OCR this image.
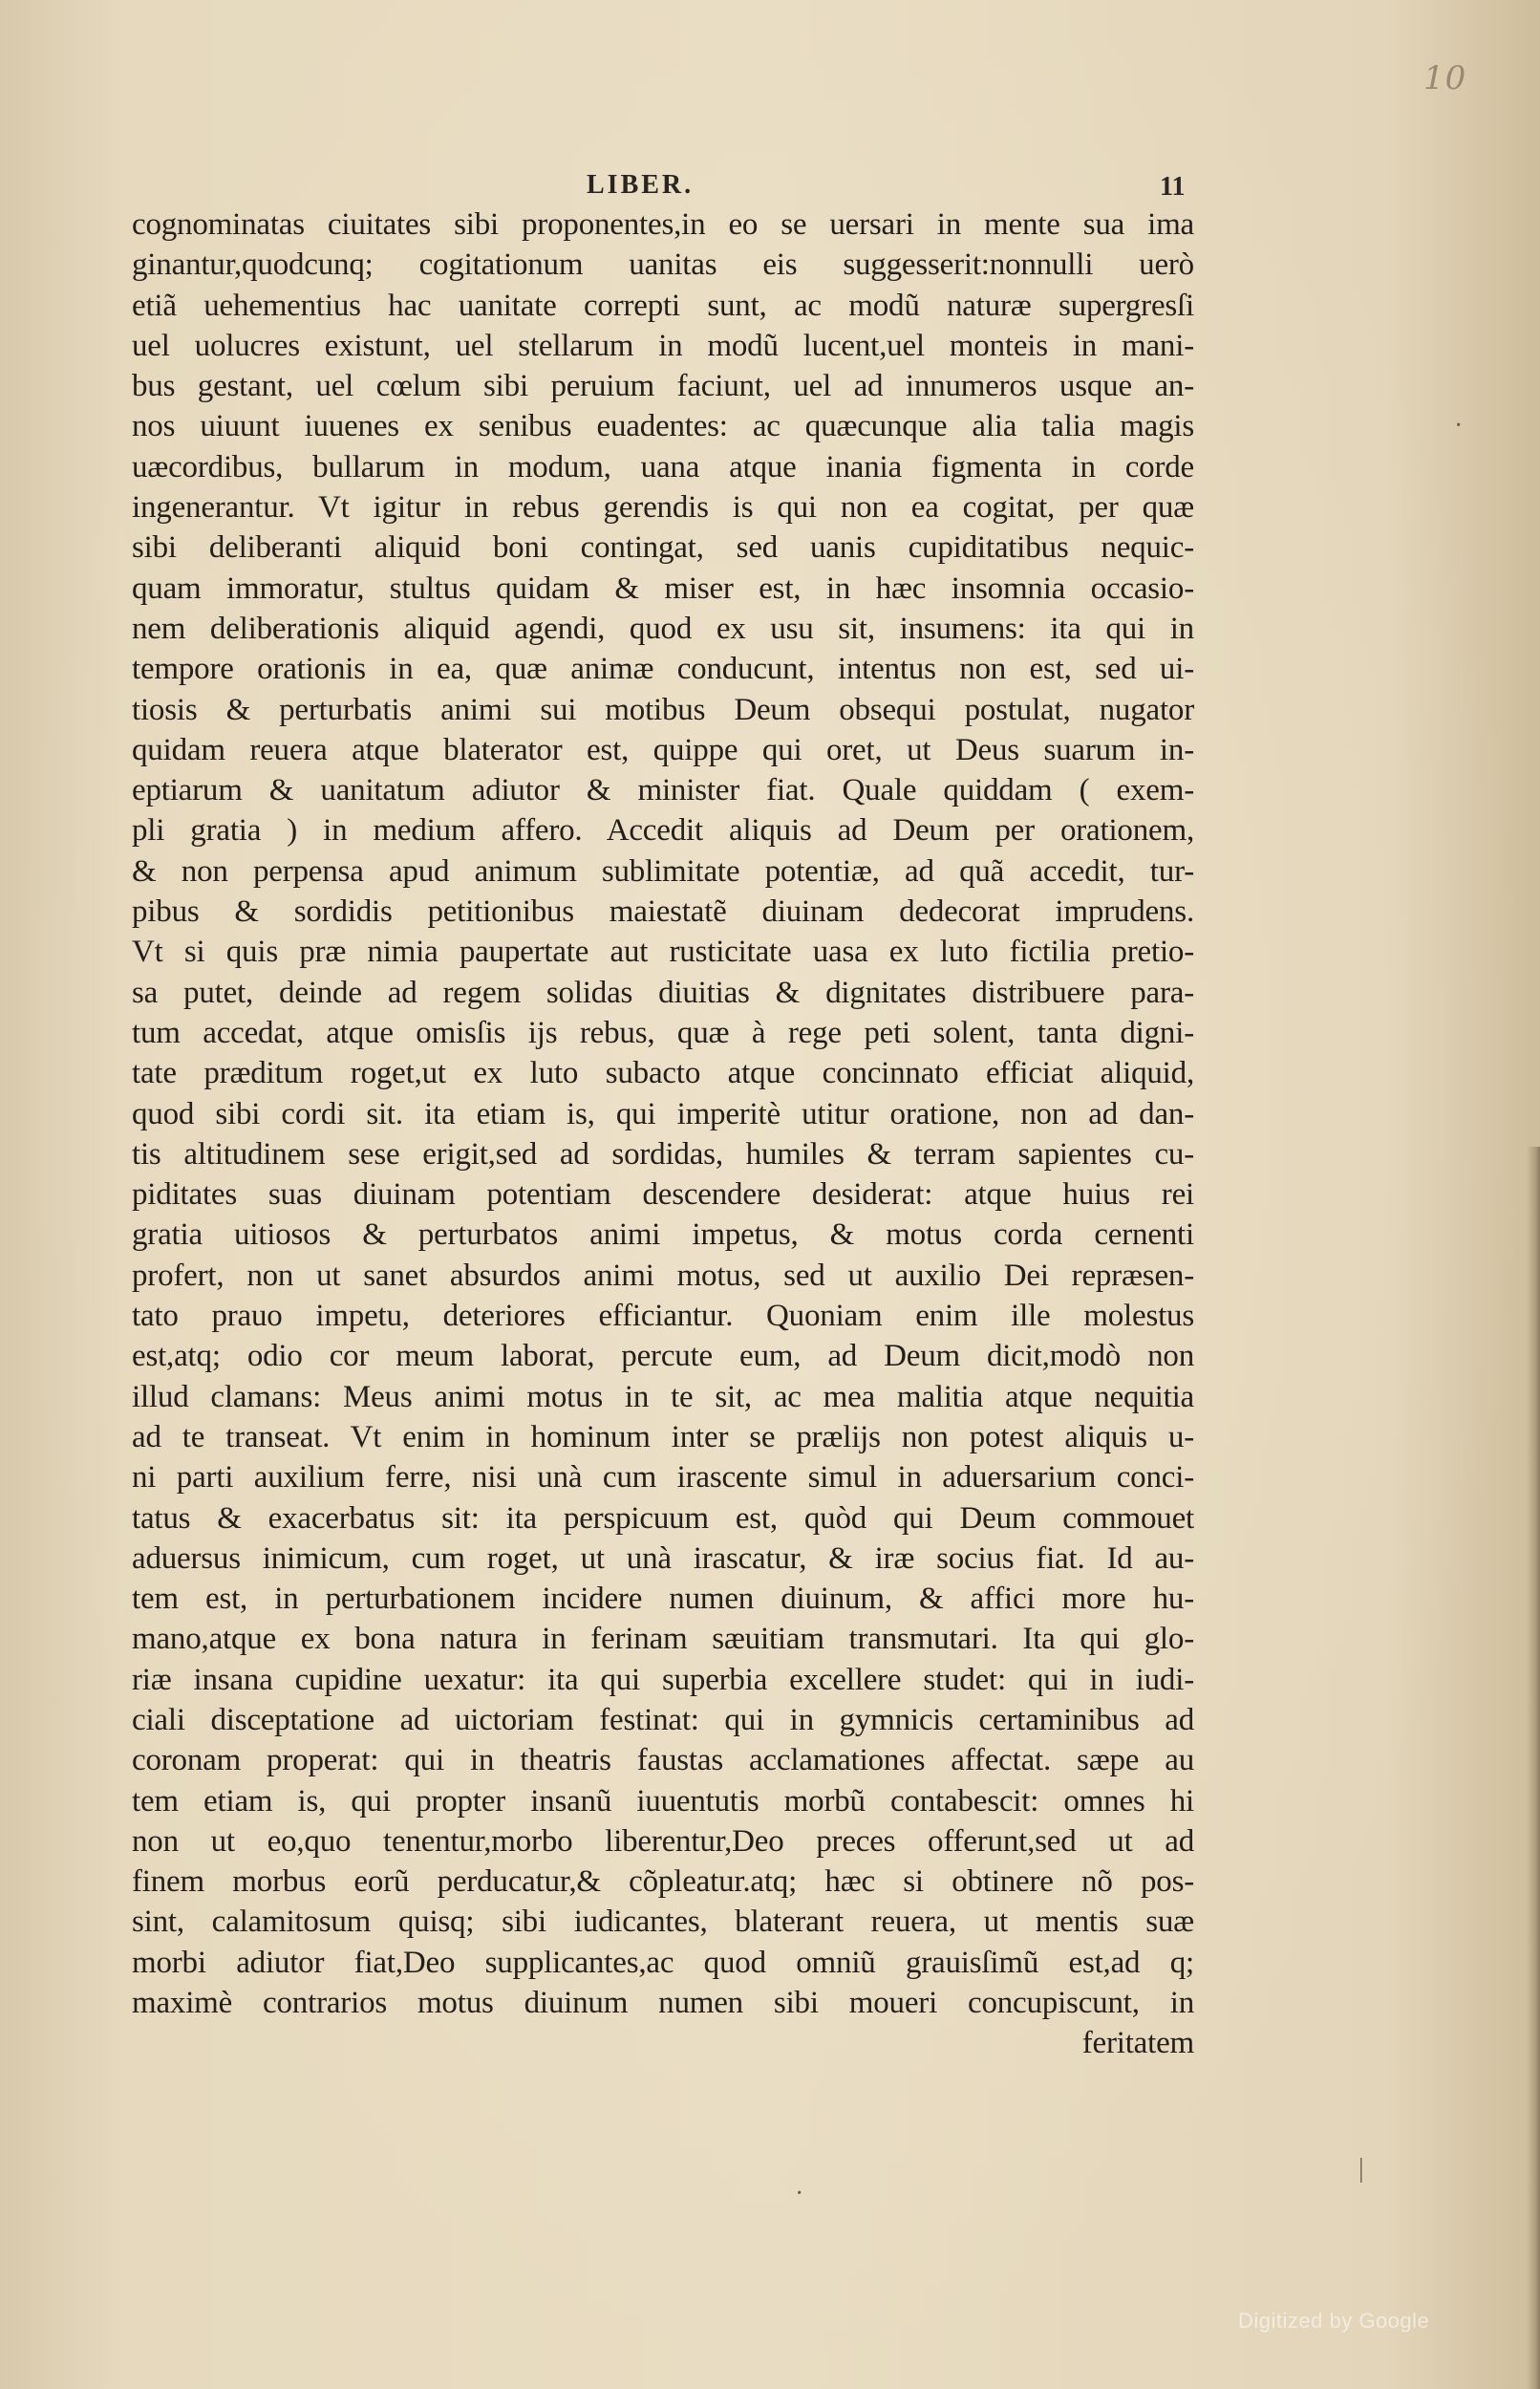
10
LIBER.	11
cognominatas ciuitates sibi proponentes,in eo se uersari in mente sua ima
ginantur,quodcunq; cogitationum uanitas eis suggesserit:nonnulli uerò
etiã uehementius hac uanitate correpti sunt, ac modũ naturæ supergresſi
uel uolucres existunt, uel stellarum in modũ lucent,uel monteis in mani-
bus gestant, uel cœlum sibi peruium faciunt, uel ad innumeros usque an-
nos uiuunt iuuenes ex senibus euadentes: ac quæcunque alia talia magis
uæcordibus, bullarum in modum, uana atque inania figmenta in corde
ingenerantur. Vt igitur in rebus gerendis is qui non ea cogitat, per quæ
sibi deliberanti aliquid boni contingat, sed uanis cupiditatibus nequic-
quam immoratur, stultus quidam & miser est, in hæc insomnia occasio-
nem deliberationis aliquid agendi, quod ex usu sit, insumens: ita qui in
tempore orationis in ea, quæ animæ conducunt, intentus non est, sed ui-
tiosis & perturbatis animi sui motibus Deum obsequi postulat, nugator
quidam reuera atque blaterator est, quippe qui oret, ut Deus suarum in-
eptiarum & uanitatum adiutor & minister fiat. Quale quiddam ( exem-
pli gratia ) in medium affero. Accedit aliquis ad Deum per orationem,
& non perpensa apud animum sublimitate potentiæ, ad quã accedit, tur-
pibus & sordidis petitionibus maiestatẽ diuinam dedecorat imprudens.
Vt si quis præ nimia paupertate aut rusticitate uasa ex luto fictilia pretio-
sa putet, deinde ad regem solidas diuitias & dignitates distribuere para-
tum accedat, atque omisſis ijs rebus, quæ à rege peti solent, tanta digni-
tate præditum roget,ut ex luto subacto atque concinnato efficiat aliquid,
quod sibi cordi sit. ita etiam is, qui imperitè utitur oratione, non ad dan-
tis altitudinem sese erigit,sed ad sordidas, humiles & terram sapientes cu-
piditates suas diuinam potentiam descendere desiderat: atque huius rei
gratia uitiosos & perturbatos animi impetus, & motus corda cernenti
profert, non ut sanet absurdos animi motus, sed ut auxilio Dei repræsen-
tato prauo impetu, deteriores efficiantur. Quoniam enim ille molestus
est,atq; odio cor meum laborat, percute eum, ad Deum dicit,modò non
illud clamans: Meus animi motus in te sit, ac mea malitia atque nequitia
ad te transeat. Vt enim in hominum inter se prælijs non potest aliquis u-
ni parti auxilium ferre, nisi unà cum irascente simul in aduersarium conci-
tatus & exacerbatus sit: ita perspicuum est, quòd qui Deum commouet
aduersus inimicum, cum roget, ut unà irascatur, & iræ socius fiat. Id au-
tem est, in perturbationem incidere numen diuinum, & affici more hu-
mano,atque ex bona natura in ferinam sæuitiam transmutari. Ita qui glo-
riæ insana cupidine uexatur: ita qui superbia excellere studet: qui in iudi-
ciali disceptatione ad uictoriam festinat: qui in gymnicis certaminibus ad
coronam properat: qui in theatris faustas acclamationes affectat. sæpe au
tem etiam is, qui propter insanũ iuuentutis morbũ contabescit: omnes hi
non ut eo,quo tenentur,morbo liberentur,Deo preces offerunt,sed ut ad
finem morbus eorũ perducatur,& cõpleatur.atq; hæc si obtinere nõ pos-
sint, calamitosum quisq; sibi iudicantes, blaterant reuera, ut mentis suæ
morbi adiutor fiat,Deo supplicantes,ac quod omniũ grauisſimũ est,ad q;
maximè contrarios motus diuinum numen sibi moueri concupiscunt, in
feritatem
·
·
|
Digitized by Google
